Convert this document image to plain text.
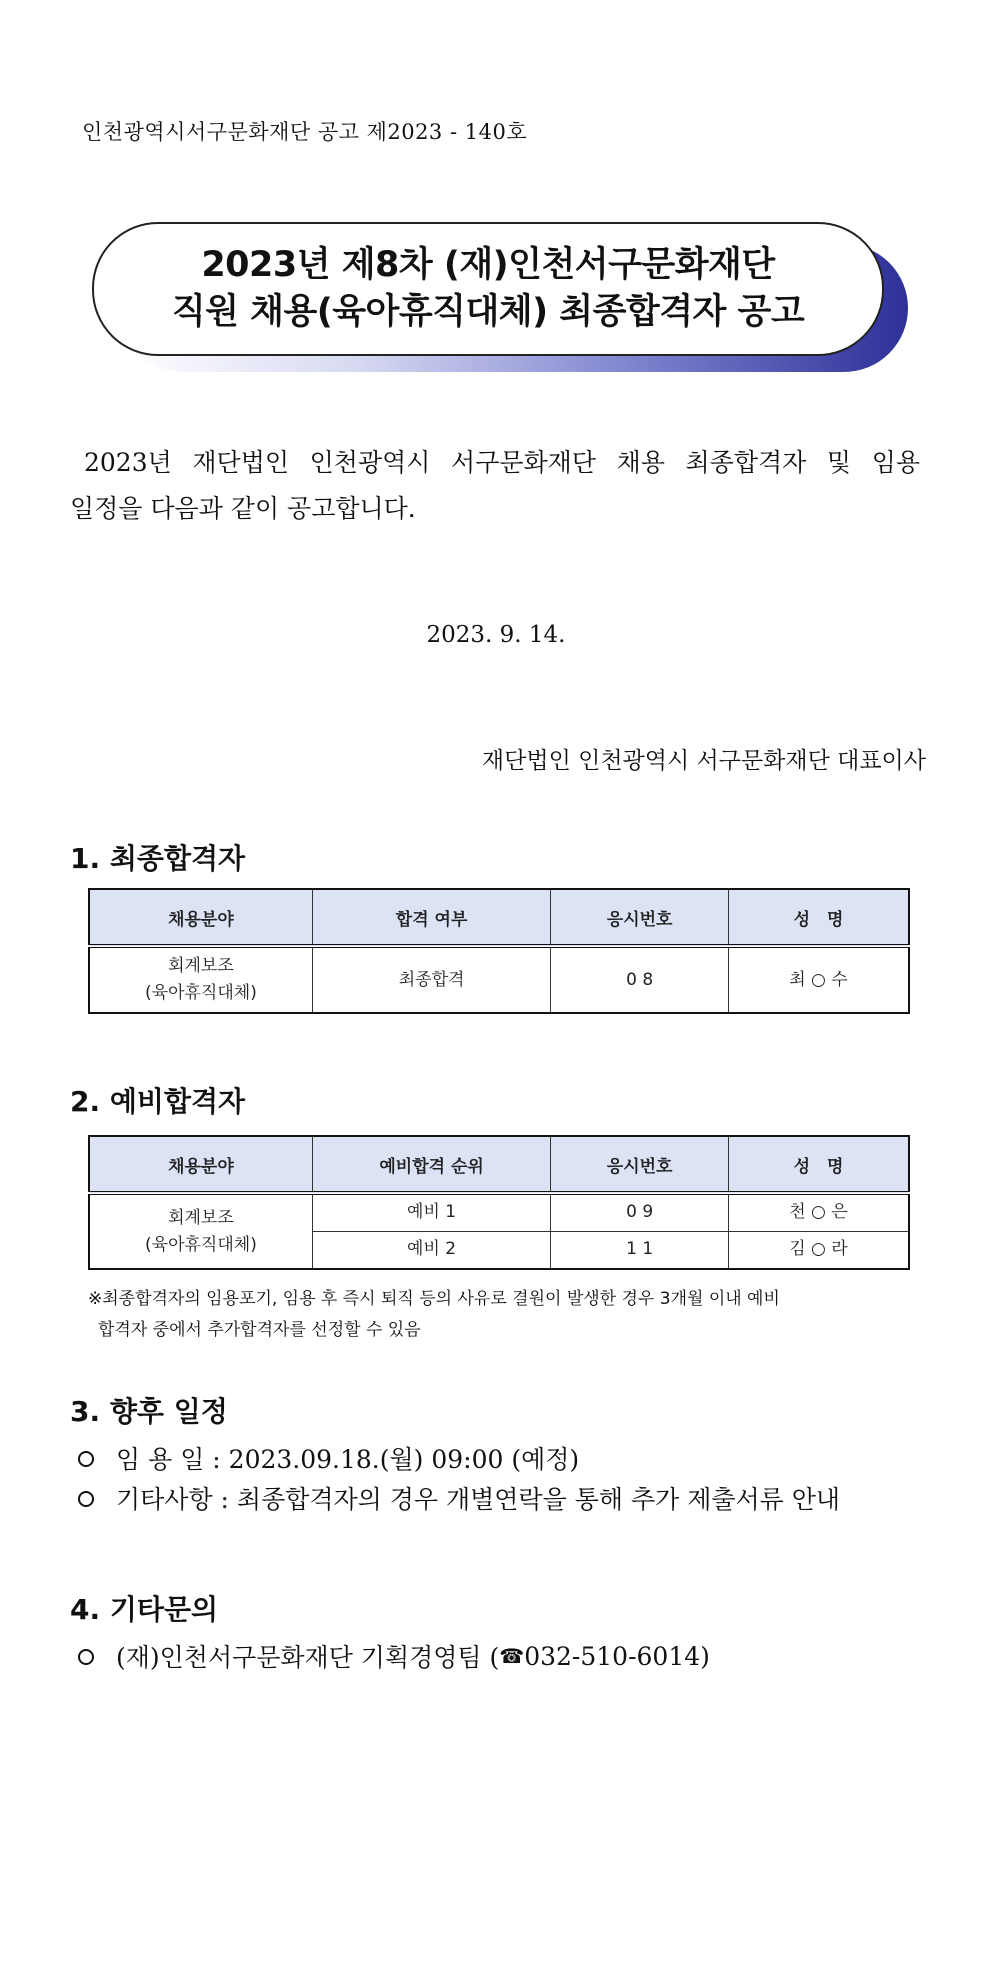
인천광역시서구문화재단 공고 제2023 - 140호
2023년 제8차 (재)인천서구문화재단
직원 채용(육아휴직대체) 최종합격자 공고
2023년 재단법인 인천광역시 서구문화재단 채용 최종합격자 및 임용
일정을 다음과 같이 공고합니다.
2023. 9. 14.
재단법인 인천광역시 서구문화재단 대표이사
1. 최종합격자
채용분야	합격 여부	응시번호	성　명

회계보조
(육아휴직대체)	최종합격	0 8	최 ○ 수
2. 예비합격자
채용분야	예비합격 순위	응시번호	성　명

회계보조
(육아휴직대체)	예비 1	0 9	천 ○ 은
	예비 2	1 1	김 ○ 라
※최종합격자의 임용포기, 임용 후 즉시 퇴직 등의 사유로 결원이 발생한 경우 3개월 이내 예비
합격자 중에서 추가합격자를 선정할 수 있음
3. 향후 일정
임 용 일 : 2023.09.18.(월) 09:00 (예정)
기타사항 : 최종합격자의 경우 개별연락을 통해 추가 제출서류 안내
4. 기타문의
(재)인천서구문화재단 기획경영팀 ( ☎ 032-510-6014)
